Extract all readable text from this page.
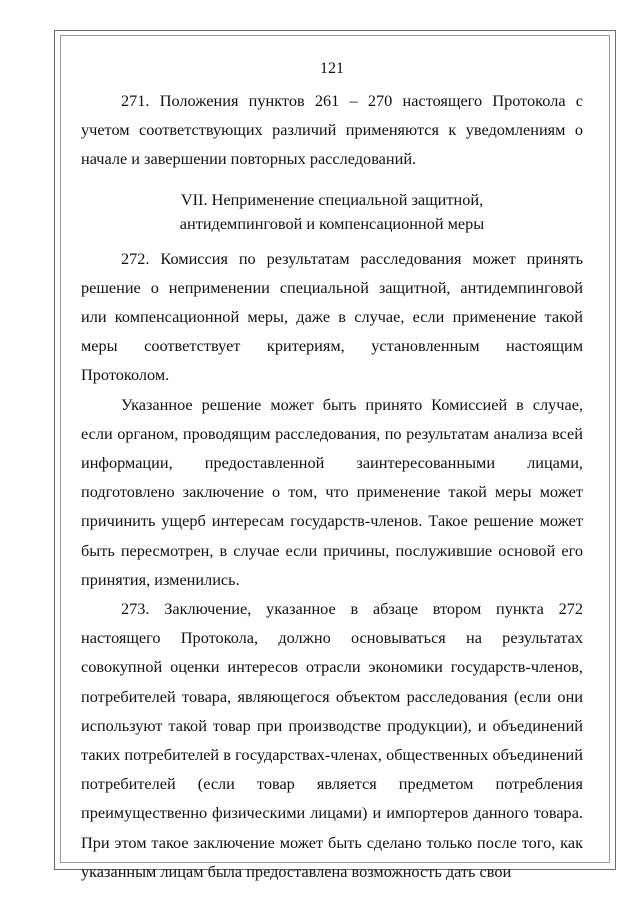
121

271. Положения пунктов 261 – 270 настоящего Протокола с учетом соответствующих различий применяются к уведомлениям о начале и завершении повторных расследований.

VII. Неприменение специальной защитной,
антидемпинговой и компенсационной меры

272. Комиссия по результатам расследования может принять решение о неприменении специальной защитной, антидемпинговой или компенсационной меры, даже в случае, если применение такой меры соответствует критериям, установленным настоящим Протоколом.

Указанное решение может быть принято Комиссией в случае, если органом, проводящим расследования, по результатам анализа всей информации, предоставленной заинтересованными лицами, подготовлено заключение о том, что применение такой меры может причинить ущерб интересам государств-членов. Такое решение может быть пересмотрен, в случае если причины, послужившие основой его принятия, изменились.

273. Заключение, указанное в абзаце втором пункта 272 настоящего Протокола, должно основываться на результатах совокупной оценки интересов отрасли экономики государств-членов, потребителей товара, являющегося объектом расследования (если они используют такой товар при производстве продукции), и объединений таких потребителей в государствах-членах, общественных объединений потребителей (если товар является предметом потребления преимущественно физическими лицами) и импортеров данного товара. При этом такое заключение может быть сделано только после того, как указанным лицам была предоставлена возможность дать свои
